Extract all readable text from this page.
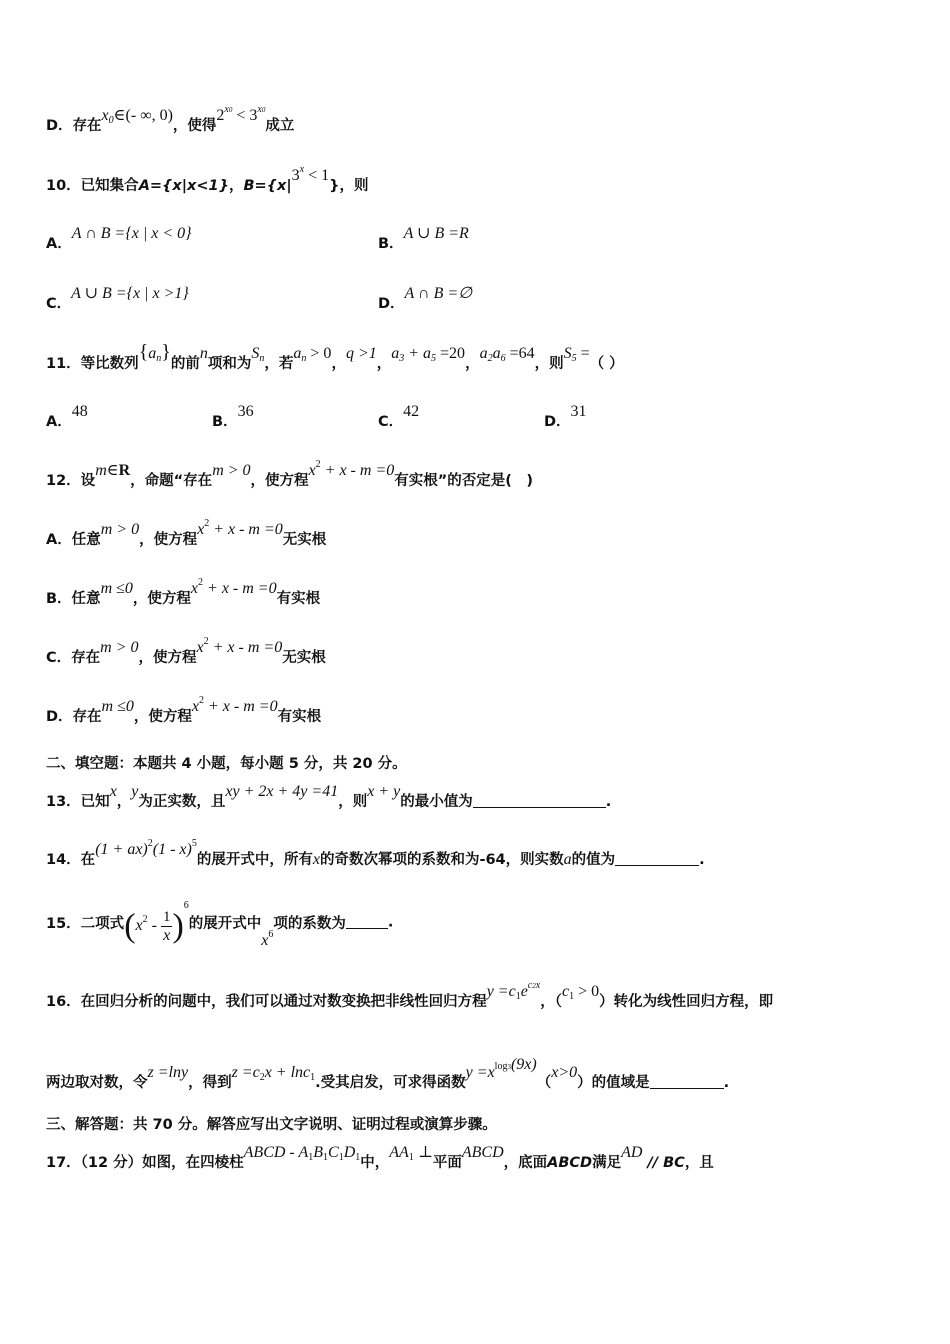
D．存在$x_0\in(-$ ∞, 0)，使得$2^{x0} < 3^{x0}$成立
10．已知集合A={x|x<1}，$B=\{x|3^x < 1\}$，则
A．A ∩ B ={x | x < 0}
B．A ∪ B =R
C．A ∪ B ={x | x >1}
D．A ∩ B =∅
11．等比数列$\{a_n\}$的前n项和为$S_n$，若$a_n > 0$，q >1，$a_3 + a_5 =20$，$a_2a_6 =64$，则$S_5$ =（ ）
A．48
B．36
C．42
D．31
12．设m∈R，命题“存在m > 0，使方程$x^2 + x - m =0$有实根”的否定是(　)
A．任意m > 0，使方程$x^2 + x - m =0$无实根
B．任意m ≤0，使方程$x^2 + x - m =0$有实根
C．存在m > 0，使方程$x^2 + x - m =0$无实根
D．存在m ≤0，使方程$x^2 + x - m =0$有实根
二、填空题：本题共 4 小题，每小题 5 分，共 20 分。
13．已知x，y为正实数，且xy + 2x + 4y =41，则x + y的最小值为	.
14．在(1 + ax)$^2$(1 - x)$^5$的展开式中，所有x的奇数次幂项的系数和为-64，则实数a的值为	.
15．二项式$(x^2 - \frac{1}{x} )^6$的展开式中$x^6$项的系数为	.
16．在回归分析的问题中，我们可以通过对数变换把非线性回归方程$y =c_1e^{c2x}$，$(c_1 > 0)$转化为线性回归方程，即
两边取对数，令z =lny，得到$z =c_2x + \ln c_1$.受其启发，可求得函数$y =x^{log3(9x)}(x>0)$的值域是	.
三、解答题：共 70 分。解答应写出文字说明、证明过程或演算步骤。
17．（12 分）如图，在四棱柱ABCD - $A_1B_1C_1D_1$中，$AA_1$ ⊥平面ABCD，底面ABCD满足AD // BC，且
